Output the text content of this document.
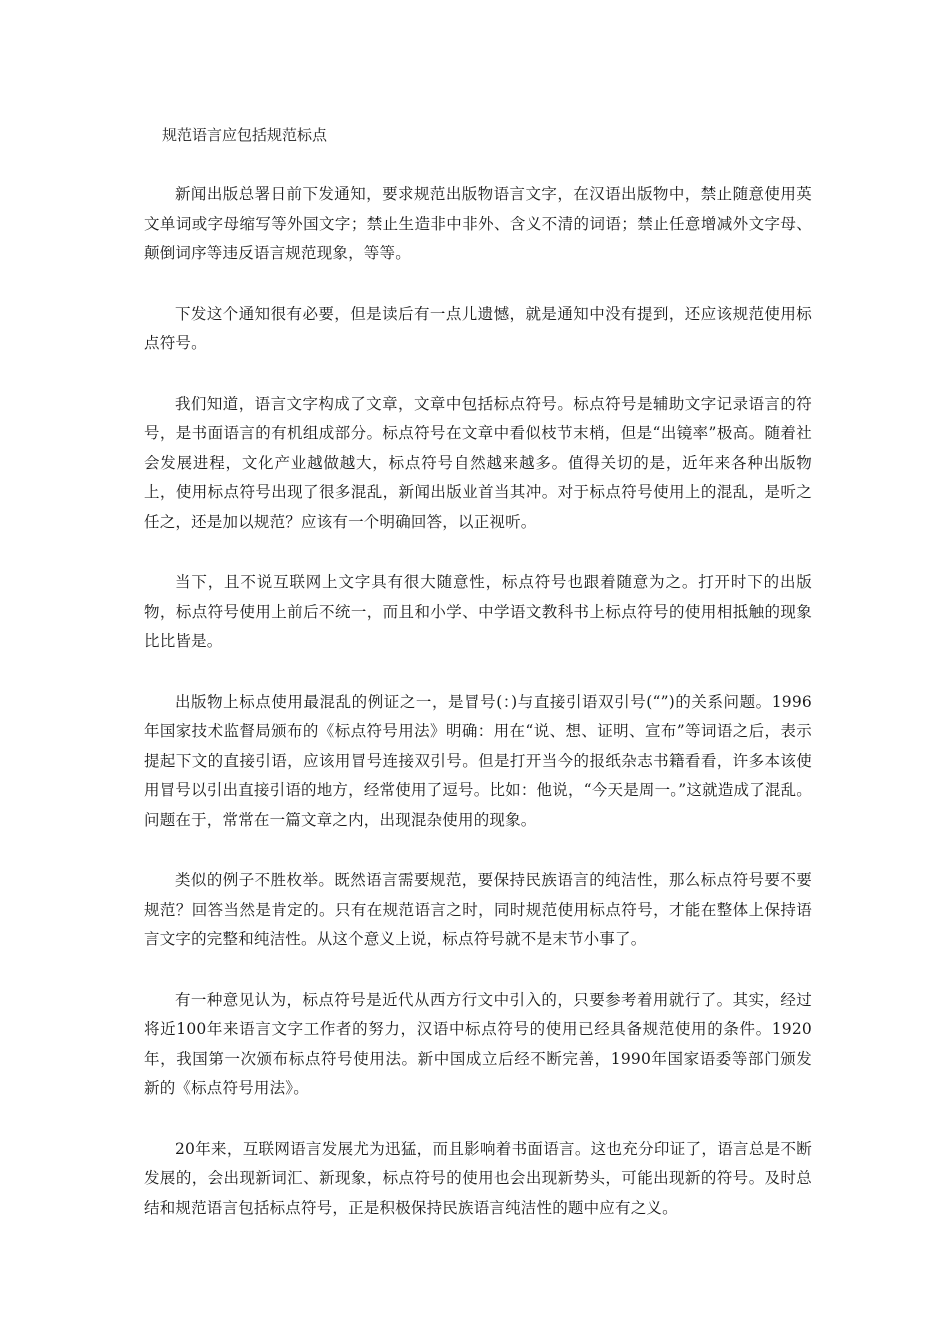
规范语言应包括规范标点

新闻出版总署日前下发通知，要求规范出版物语言文字，在汉语出版物中，禁止随意使用英文单词或字母缩写等外国文字；禁止生造非中非外、含义不清的词语；禁止任意增减外文字母、颠倒词序等违反语言规范现象，等等。

下发这个通知很有必要，但是读后有一点儿遗憾，就是通知中没有提到，还应该规范使用标点符号。

我们知道，语言文字构成了文章，文章中包括标点符号。标点符号是辅助文字记录语言的符号，是书面语言的有机组成部分。标点符号在文章中看似枝节末梢，但是“出镜率”极高。随着社会发展进程，文化产业越做越大，标点符号自然越来越多。值得关切的是，近年来各种出版物上，使用标点符号出现了很多混乱，新闻出版业首当其冲。对于标点符号使用上的混乱，是听之任之，还是加以规范？应该有一个明确回答，以正视听。

当下，且不说互联网上文字具有很大随意性，标点符号也跟着随意为之。打开时下的出版物，标点符号使用上前后不统一，而且和小学、中学语文教科书上标点符号的使用相抵触的现象比比皆是。

出版物上标点使用最混乱的例证之一，是冒号(：)与直接引语双引号(“”)的关系问题。1996年国家技术监督局颁布的《标点符号用法》明确：用在“说、想、证明、宣布”等词语之后，表示提起下文的直接引语，应该用冒号连接双引号。但是打开当今的报纸杂志书籍看看，许多本该使用冒号以引出直接引语的地方，经常使用了逗号。比如：他说，“今天是周一。”这就造成了混乱。问题在于，常常在一篇文章之内，出现混杂使用的现象。

类似的例子不胜枚举。既然语言需要规范，要保持民族语言的纯洁性，那么标点符号要不要规范？回答当然是肯定的。只有在规范语言之时，同时规范使用标点符号，才能在整体上保持语言文字的完整和纯洁性。从这个意义上说，标点符号就不是末节小事了。

有一种意见认为，标点符号是近代从西方行文中引入的，只要参考着用就行了。其实，经过将近100年来语言文字工作者的努力，汉语中标点符号的使用已经具备规范使用的条件。1920年，我国第一次颁布标点符号使用法。新中国成立后经不断完善，1990年国家语委等部门颁发新的《标点符号用法》。

20年来，互联网语言发展尤为迅猛，而且影响着书面语言。这也充分印证了，语言总是不断发展的，会出现新词汇、新现象，标点符号的使用也会出现新势头，可能出现新的符号。及时总结和规范语言包括标点符号，正是积极保持民族语言纯洁性的题中应有之义。
